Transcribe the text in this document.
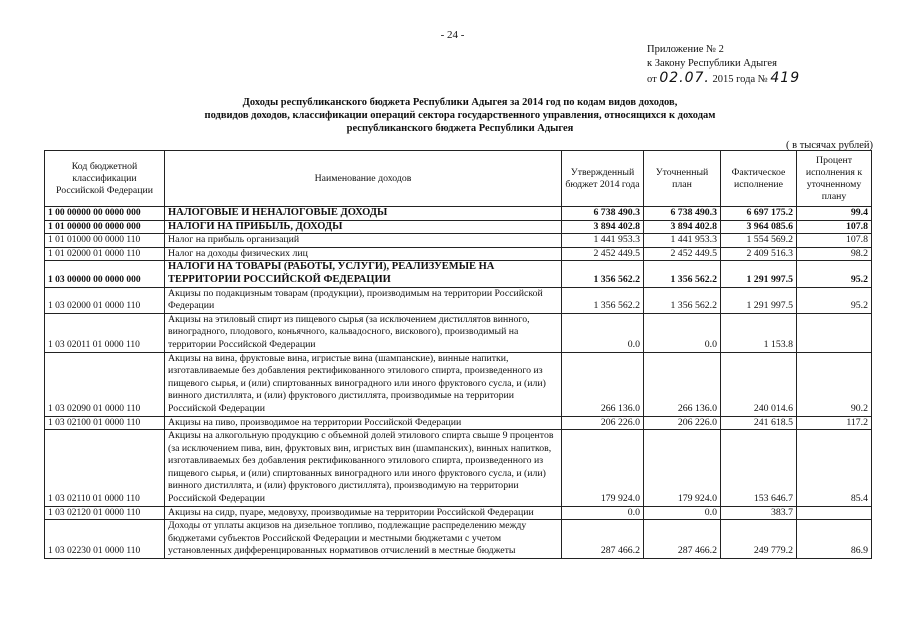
- 24 -
Приложение № 2
к Закону Республики Адыгея
от 02.07. 2015 года № 419
Доходы республиканского бюджета Республики Адыгея за 2014 год по кодам видов доходов,
подвидов доходов, классификации операций сектора государственного управления, относящихся к доходам
республиканского бюджета Республики Адыгея
( в тысячах рублей)
Код бюджетной классификации Российской Федерации	Наименование доходов	Утвержденный бюджет 2014 года	Уточненный план	Фактическое исполнение	Процент исполнения к уточненному плану
1 00 00000 00 0000 000	НАЛОГОВЫЕ И НЕНАЛОГОВЫЕ ДОХОДЫ	6 738 490.3	6 738 490.3	6 697 175.2	99.4
1 01 00000 00 0000 000	НАЛОГИ НА ПРИБЫЛЬ, ДОХОДЫ	3 894 402.8	3 894 402.8	3 964 085.6	107.8
1 01 01000 00 0000 110	Налог на прибыль организаций	1 441 953.3	1 441 953.3	1 554 569.2	107.8
1 01 02000 01 0000 110	Налог на доходы физических лиц	2 452 449.5	2 452 449.5	2 409 516.3	98.2
1 03 00000 00 0000 000	НАЛОГИ НА ТОВАРЫ (РАБОТЫ, УСЛУГИ), РЕАЛИЗУЕМЫЕ НА ТЕРРИТОРИИ РОССИЙСКОЙ ФЕДЕРАЦИИ	1 356 562.2	1 356 562.2	1 291 997.5	95.2
1 03 02000 01 0000 110	Акцизы по подакцизным товарам (продукции), производимым на территории Российской Федерации	1 356 562.2	1 356 562.2	1 291 997.5	95.2
1 03 02011 01 0000 110	Акцизы на этиловый спирт из пищевого сырья (за исключением дистиллятов винного, виноградного, плодового, коньячного, кальвадосного, вискового), производимый на территории Российской Федерации	0.0	0.0	1 153.8	
1 03 02090 01 0000 110	Акцизы на вина, фруктовые вина, игристые вина (шампанские), винные напитки, изготавливаемые без добавления ректификованного этилового спирта, произведенного из пищевого сырья, и (или) спиртованных виноградного или иного фруктового сусла, и (или) винного дистиллята, и (или) фруктового дистиллята, производимые на территории Российской Федерации	266 136.0	266 136.0	240 014.6	90.2
1 03 02100 01 0000 110	Акцизы на пиво, производимое на территории Российской Федерации	206 226.0	206 226.0	241 618.5	117.2
1 03 02110 01 0000 110	Акцизы на алкогольную продукцию с объемной долей этилового спирта свыше 9 процентов (за исключением пива, вин, фруктовых вин, игристых вин (шампанских), винных напитков, изготавливаемых без добавления ректификованного этилового спирта, произведенного из пищевого сырья, и (или) спиртованных виноградного или иного фруктового сусла, и (или) винного дистиллята, и (или) фруктового дистиллята), производимую на территории Российской Федерации	179 924.0	179 924.0	153 646.7	85.4
1 03 02120 01 0000 110	Акцизы на сидр, пуаре, медовуху, производимые на территории Российской Федерации	0.0	0.0	383.7	
1 03 02230 01 0000 110	Доходы от уплаты акцизов на дизельное топливо, подлежащие распределению между бюджетами субъектов Российской Федерации и местными бюджетами с учетом установленных дифференцированных нормативов отчислений в местные бюджеты	287 466.2	287 466.2	249 779.2	86.9
